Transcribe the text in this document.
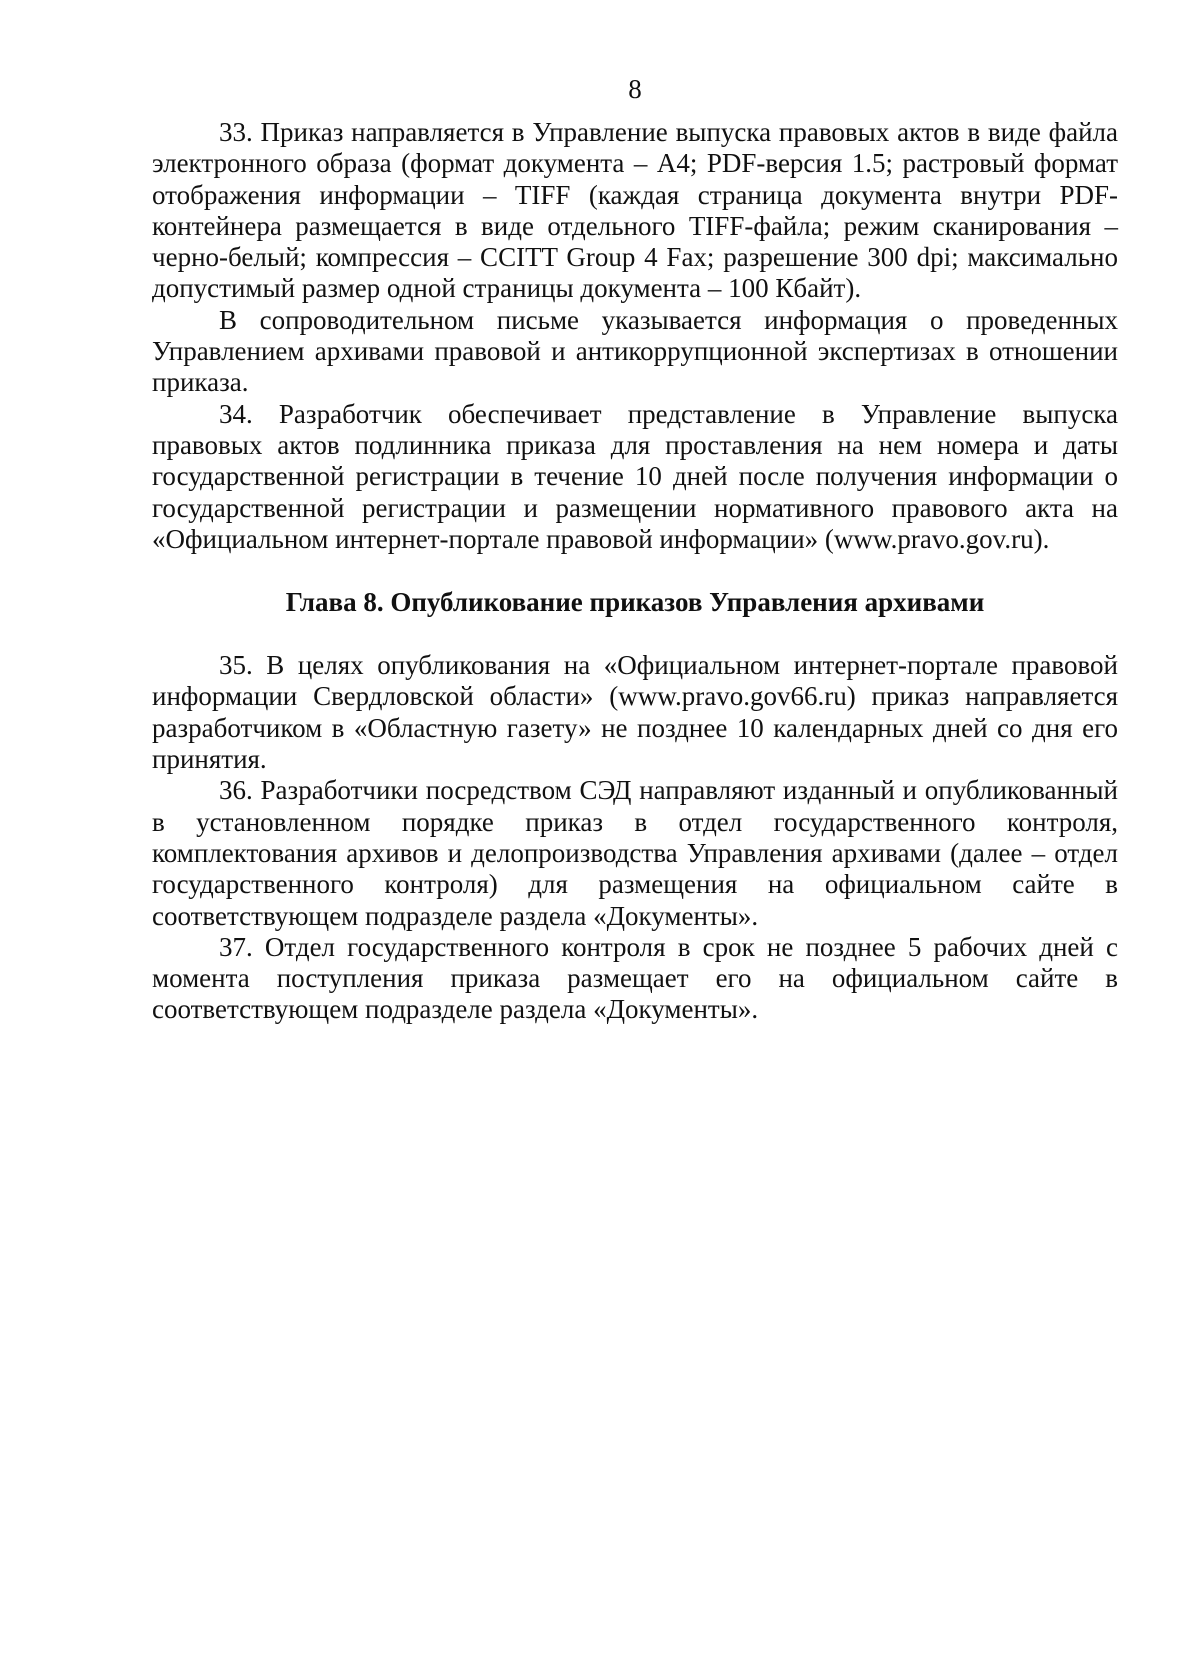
8

33. Приказ направляется в Управление выпуска правовых актов в виде файла электронного образа (формат документа – А4; PDF-версия 1.5; растровый формат отображения информации – TIFF (каждая страница документа внутри PDF-контейнера размещается в виде отдельного TIFF-файла; режим сканирования – черно-белый; компрессия – CCITT Group 4 Fax; разрешение 300 dpi; максимально допустимый размер одной страницы документа – 100 Кбайт).

В сопроводительном письме указывается информация о проведенных Управлением архивами правовой и антикоррупционной экспертизах в отношении приказа.

34. Разработчик обеспечивает представление в Управление выпуска правовых актов подлинника приказа для проставления на нем номера и даты государственной регистрации в течение 10 дней после получения информации о государственной регистрации и размещении нормативного правового акта на «Официальном интернет-портале правовой информации» (www.pravo.gov.ru).

Глава 8. Опубликование приказов Управления архивами

35. В целях опубликования на «Официальном интернет-портале правовой информации Свердловской области» (www.pravo.gov66.ru) приказ направляется разработчиком в «Областную газету» не позднее 10 календарных дней со дня его принятия.

36. Разработчики посредством СЭД направляют изданный и опубликованный в установленном порядке приказ в отдел государственного контроля, комплектования архивов и делопроизводства Управления архивами (далее – отдел государственного контроля) для размещения на официальном сайте в соответствующем подразделе раздела «Документы».

37. Отдел государственного контроля в срок не позднее 5 рабочих дней с момента поступления приказа размещает его на официальном сайте в соответствующем подразделе раздела «Документы».
